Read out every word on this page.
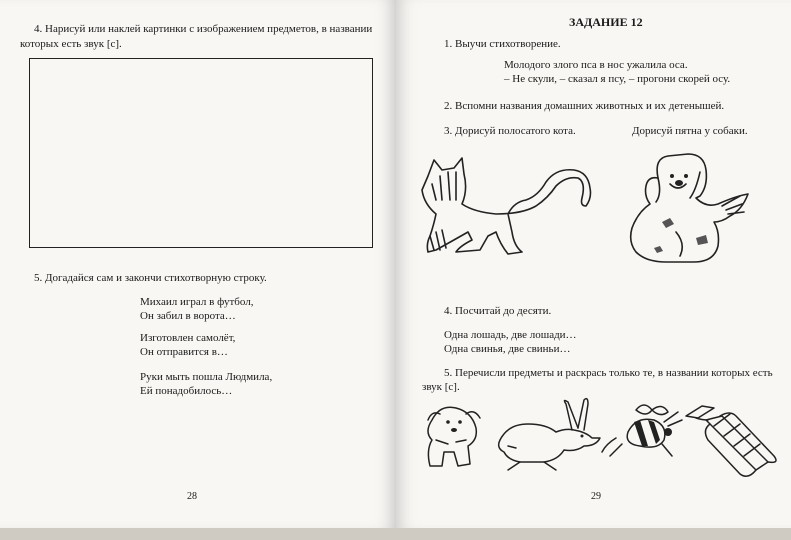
4. Нарисуй или наклей картинки с изображением предметов, в названии
которых есть звук [с].
5. Догадайся сам и закончи стихотворную строку.
Михаил играл в футбол,
Он забил в ворота…
Изготовлен самолёт,
Он отправится в…
Руки мыть пошла Людмила,
Ей понадобилось…
28
ЗАДАНИЕ 12
1. Выучи стихотворение.
Молодого злого пса в нос ужалила оса.
– Не скули, – сказал я псу, – прогони скорей осу.
2. Вспомни названия домашних животных и их детенышей.
3. Дорисуй полосатого кота.	Дорисуй пятна у собаки.
4. Посчитай до десяти.
Одна лошадь, две лошади…
Одна свинья, две свиньи…
5. Перечисли предметы и раскрась только те, в названии которых есть
звук [с].
29
